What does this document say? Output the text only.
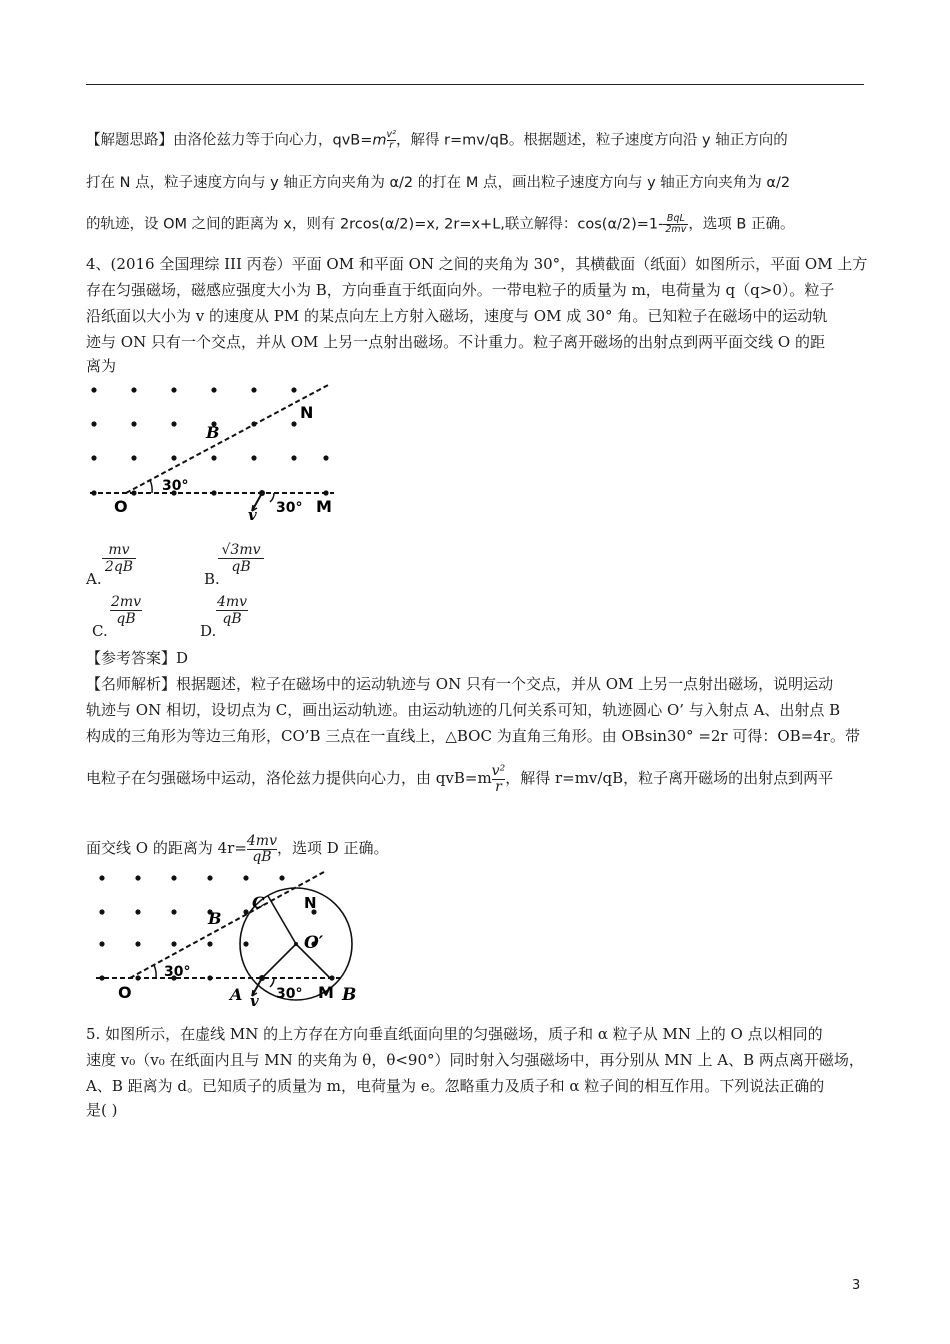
【解题思路】由洛伦兹力等于向心力，$qvB=m \frac{\text{v²}}{r}$ ，解得 r=mv/qB。根据题述，粒子速度方向沿 y 轴正方向的
打在 N 点，粒子速度方向与 y 轴正方向夹角为 α/2 的打在 M 点，画出粒子速度方向与 y 轴正方向夹角为 α/2
的轨迹，设 OM 之间的距离为 x，则有 2rcos(α/2)=x, 2r=x+L,联立解得：$\cos(\alpha/2)=1- \frac{\text{BqL}}{2mv}$ ，选项 B 正确。
4、(2016 全国理综 III 丙卷）平面 OM 和平面 ON 之间的夹角为 30°，其横截面（纸面）如图所示，平面 OM 上方
存在匀强磁场，磁感应强度大小为 B，方向垂直于纸面向外。一带电粒子的质量为 m，电荷量为 q（q>0）。粒子
沿纸面以大小为 v 的速度从 PM 的某点向左上方射入磁场，速度与 OM 成 30° 角。已知粒子在磁场中的运动轨
迹与 ON 只有一个交点，并从 OM 上另一点射出磁场。不计重力。粒子离开磁场的出射点到两平面交线 O 的距
离为
B
N
O	M
v
30°
30°
$\frac{mv}{2qB}$
A.
$\frac{√3mv}{qB}$
B.
$\frac{2mv}{qB}$
C.
$\frac{4mv}{qB}$
D.
【参考答案】D
【名师解析】根据题述，粒子在磁场中的运动轨迹与 ON 只有一个交点，并从 OM 上另一点射出磁场，说明运动
轨迹与 ON 相切，设切点为 C，画出运动轨迹。由运动轨迹的几何关系可知，轨迹圆心 O’ 与入射点 A、出射点 B
构成的三角形为等边三角形，CO’B 三点在一直线上，△BOC 为直角三角形。由 OBsin30° =2r 可得：OB=4r。带
电粒子在匀强磁场中运动，洛伦兹力提供向心力，由 $qvB=m \frac{\text{v²}}{r}$ ，解得 r=mv/qB，粒子离开磁场的出射点到两平
面交线 O 的距离为 $4r= \frac{4mv}{qB}$ ，选项 D 正确。
B
C	N
O′
O	A v	M B
30°
30°
5. 如图所示，在虚线 MN 的上方存在方向垂直纸面向里的匀强磁场，质子和 α 粒子从 MN 上的 O 点以相同的
速度 v₀（v₀ 在纸面内且与 MN 的夹角为 θ，θ<90°）同时射入匀强磁场中，再分别从 MN 上 A、B 两点离开磁场，
A、B 距离为 d。已知质子的质量为 m，电荷量为 e。忽略重力及质子和 α 粒子间的相互作用。下列说法正确的
是( )
3
